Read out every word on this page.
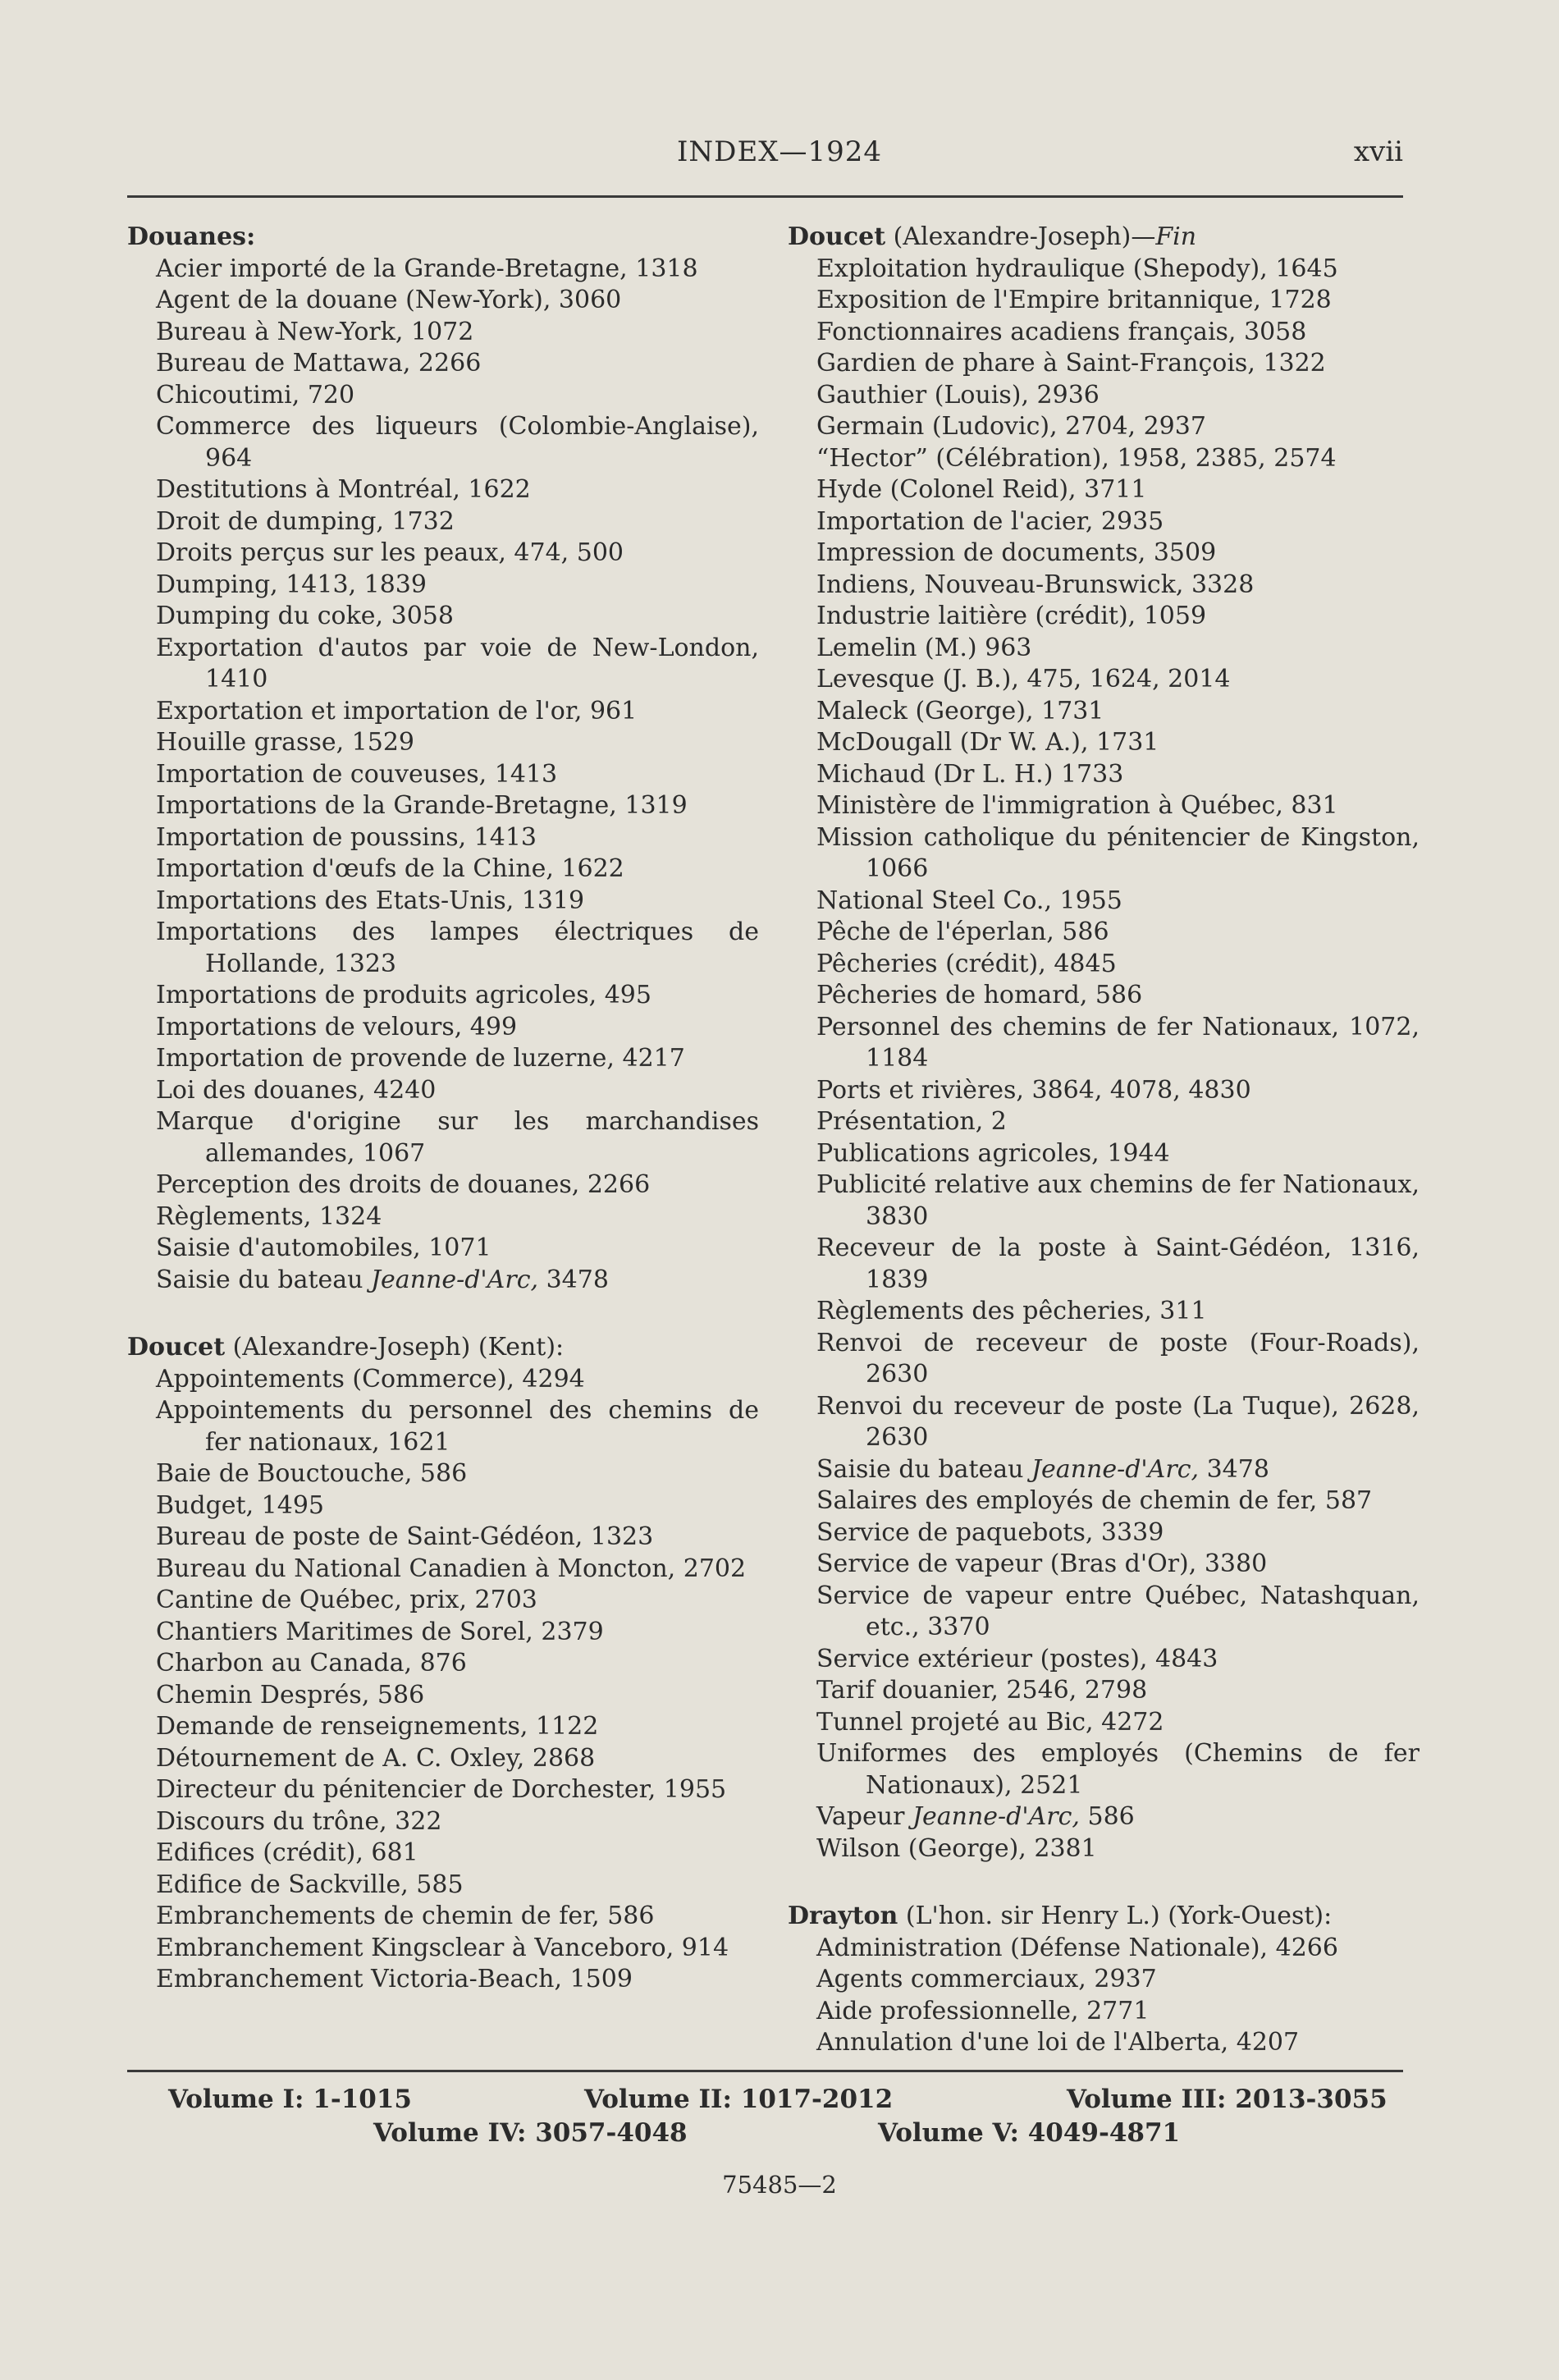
INDEX—1924	xvii
Douanes:
Acier importé de la Grande-Bretagne, 1318
Agent de la douane (New-York), 3060
Bureau à New-York, 1072
Bureau de Mattawa, 2266
Chicoutimi, 720
Commerce des liqueurs (Colombie-Anglaise), 964
Destitutions à Montréal, 1622
Droit de dumping, 1732
Droits perçus sur les peaux, 474, 500
Dumping, 1413, 1839
Dumping du coke, 3058
Exportation d'autos par voie de New-London, 1410
Exportation et importation de l'or, 961
Houille grasse, 1529
Importation de couveuses, 1413
Importations de la Grande-Bretagne, 1319
Importation de poussins, 1413
Importation d'œufs de la Chine, 1622
Importations des Etats-Unis, 1319
Importations des lampes électriques de Hollande, 1323
Importations de produits agricoles, 495
Importations de velours, 499
Importation de provende de luzerne, 4217
Loi des douanes, 4240
Marque d'origine sur les marchandises allemandes, 1067
Perception des droits de douanes, 2266
Règlements, 1324
Saisie d'automobiles, 1071
Saisie du bateau Jeanne-d'Arc, 3478
Doucet (Alexandre-Joseph) (Kent):
Appointements (Commerce), 4294
Appointements du personnel des chemins de fer nationaux, 1621
Baie de Bouctouche, 586
Budget, 1495
Bureau de poste de Saint-Gédéon, 1323
Bureau du National Canadien à Moncton, 2702
Cantine de Québec, prix, 2703
Chantiers Maritimes de Sorel, 2379
Charbon au Canada, 876
Chemin Després, 586
Demande de renseignements, 1122
Détournement de A. C. Oxley, 2868
Directeur du pénitencier de Dorchester, 1955
Discours du trône, 322
Edifices (crédit), 681
Edifice de Sackville, 585
Embranchements de chemin de fer, 586
Embranchement Kingsclear à Vanceboro, 914
Embranchement Victoria-Beach, 1509
Doucet (Alexandre-Joseph)—Fin
Exploitation hydraulique (Shepody), 1645
Exposition de l'Empire britannique, 1728
Fonctionnaires acadiens français, 3058
Gardien de phare à Saint-François, 1322
Gauthier (Louis), 2936
Germain (Ludovic), 2704, 2937
“Hector” (Célébration), 1958, 2385, 2574
Hyde (Colonel Reid), 3711
Importation de l'acier, 2935
Impression de documents, 3509
Indiens, Nouveau-Brunswick, 3328
Industrie laitière (crédit), 1059
Lemelin (M.) 963
Levesque (J. B.), 475, 1624, 2014
Maleck (George), 1731
McDougall (Dr W. A.), 1731
Michaud (Dr L. H.) 1733
Ministère de l'immigration à Québec, 831
Mission catholique du pénitencier de Kingston, 1066
National Steel Co., 1955
Pêche de l'éperlan, 586
Pêcheries (crédit), 4845
Pêcheries de homard, 586
Personnel des chemins de fer Nationaux, 1072, 1184
Ports et rivières, 3864, 4078, 4830
Présentation, 2
Publications agricoles, 1944
Publicité relative aux chemins de fer Nationaux, 3830
Receveur de la poste à Saint-Gédéon, 1316, 1839
Règlements des pêcheries, 311
Renvoi de receveur de poste (Four-Roads), 2630
Renvoi du receveur de poste (La Tuque), 2628, 2630
Saisie du bateau Jeanne-d'Arc, 3478
Salaires des employés de chemin de fer, 587
Service de paquebots, 3339
Service de vapeur (Bras d'Or), 3380
Service de vapeur entre Québec, Natashquan, etc., 3370
Service extérieur (postes), 4843
Tarif douanier, 2546, 2798
Tunnel projeté au Bic, 4272
Uniformes des employés (Chemins de fer Nationaux), 2521
Vapeur Jeanne-d'Arc, 586
Wilson (George), 2381
Drayton (L'hon. sir Henry L.) (York-Ouest):
Administration (Défense Nationale), 4266
Agents commerciaux, 2937
Aide professionnelle, 2771
Annulation d'une loi de l'Alberta, 4207
Volume I: 1-1015	Volume II: 1017-2012	Volume III: 2013-3055
Volume IV: 3057-4048	Volume V: 4049-4871
75485—2
